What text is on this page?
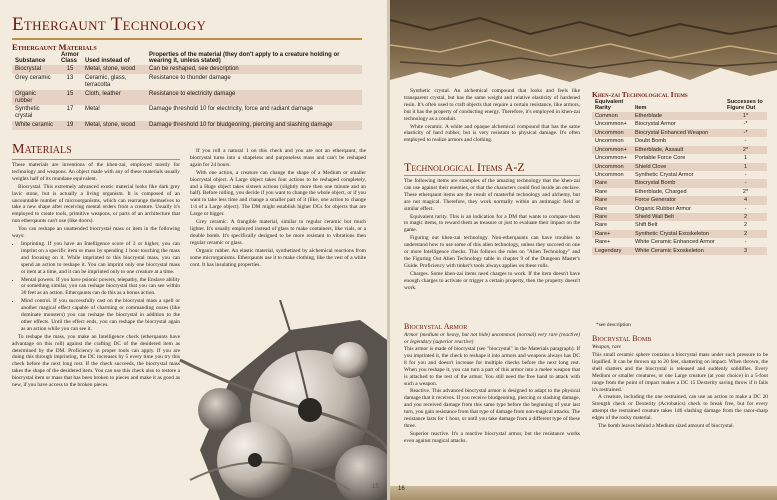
Ethergaunt Technology
Ethergaunt Materials
Substance	Armor Class	Used instead of	Properties of the material (they don't apply to a creature holding or wearing it, unless stated)
Biocrystal	15	Metal, stone, wood	Can be reshaped, see description
Grey ceramic	13	Ceramic, glass, terracotta	Resistance to thunder damage
Organic rubber	15	Cloth, leather	Resistance to electricity damage
Synthetic crystal	17	Metal	Damage threshold 10 for electricity, force and radiant damage
White ceramic	19	Metal, stone, wood	Damage threshold 10 for bludgeoning, piercing and slashing damage
Materials

These materials are inventions of the khen-zai, employed mostly for technology and weapons. An object made with any of these materials usually weights half of its mundane equivalent.

Biocrystal. This extremely advanced exotic material looks like dark grey lavic stone, but is actually a living organism. It is composed of an uncountable number of microorganisms, which can rearrange themselves to take a new shape after receiving mental orders from a creature. Usually it's employed to create tools, primitive weapons, or parts of an architecture that non etherqaunts can't use (like doors).

You can reshape an unattended biocrystal mass or item in the following ways:

• Imprinting. If you have an Intelligence score of 3 or higher, you can imprint on a specific item or mass by spending 1 hour touching the mass and focusing on it. While imprinted to this biocrystal mass, you can spend an action to reshape it. You can imprint only one biocrystal mass or item at a time, and it can be imprinted only to one creature at a time.
• Mental powers. If you have psionic powers, telepathy, the Enslave ability or something similar, you can reshape biocrystal that you can see within 30 feet as an action. Etherqaunts can do this as a bonus action.
• Mind control. If you successfully cast on the biocrystal mass a spell or another magical effect capable of charming or commanding oozes (like dominate monsters) you can reshape the biocrystal in addition to the other effects. Until the effect ends, you can reshape the biocrystal again as an action while you can see it.

To reshape the mass, you make an Intelligence check (etherqaunts have advantage on this roll) against the crafting DC of the desidered item as determined by the DM. Proficiency in proper tools can apply. If you are doing this through imprinting, the DC increases by 5 every time you try this check before the next long rest. If the check succeeds, the biocrystal mass takes the shape of the desidered item. You can use this check also to restore a biocrystal item or mass that has been broken to pieces and make it as good as new, if you have access to the broken pieces.

If you roll a natural 1 on this check and you are not an etherqaunt, the biocrystal turns into a shapeless and purposeless mass and can't be reshaped again for 24 hours.

With one action, a creature can change the shape of a Medium or smaller biocrystal object. A Large object takes four actions to be reshaped completely, and a Huge object takes sixteen actions (slightly more then one minute and an half). Before rolling, you decide if you want to change the whole object, or if you want to take less time and change a smaller part of it (like, one action to change 1/4 of a Large object). The DM might establish higher DCs for objects that are Large or bigger.

Grey ceramic. A frangible material, similar to regular ceramic but much lighter. It's usually employed instead of glass to make containers, like vials, or a double bomb. It's specifically designed to be more resistant to vibrations then regular ceramic or glass.

Organic rubber. An elastic material, synthetized by alchemical reactions from some microrganisms. Etherqaunts use it to make clothing, like the vest of a white cont. It has insulating properties.

15

Synthetic crystal. An alchemical compound that looks and feels like transparent crystal, but has the same weight and relative elasticity of hardened resin. It's often used to craft objects that require a certain resistance, like armors, but it has the property of conducting energy. Therefore, it's employed in khen-zai technology as a conduit.

White ceramic. A white and opaque alchemical compound that has the same elasticity of hard rubber, but is very resistant to physical damage. It's often employed to realize armors and clothing.

Technological Items A-Z

The following items are examples of the amazing technology that the khen-zai can use against their enemies, or that the characters could find inside an enclave. These etherqaunt items are the result of masterful technology and alchemy, but are not magical. Therefore, they work normally within an antimagic field or similar effect.

Equivalent rarity. This is an indication for a DM that wants to compare them to magic items, to reward them as treasure or just to evaluate their impact on the game.

Figuring out khen-zai technology. Non-etherqaunts can have troubles to understand how to use some of this alien technology, unless they succeed on one or more Intelligence checks. This follows the rules on "Alien Technology" and the Figuring Out Alien Technology table in chapter 9 of the Dungeon Master's Guide. Proficiency with tinker's tools always applies on these rolls.

Charges. Some khen-zai items need charges to work. If the item doesn't have enough charges to activate or trigger a certain property, then the property doesn't work.

Biocrystal Armor
Armor (medium or heavy, but not hide) uncommon (normal) very rare (reactive) or legendary (superior reactive)

This armor is made of biocrystal (see "biocrystal" in the Materials paragraph). If you imprinted it, the check to reshape it into armors and weapons always has DC 8 for you and doesn't increase for multiple checks before the next long rest. When you reshape it, you can turn a part of this armor into a melee weapon that is attached to the rest of the armor. You still need the free hand to attack with such a weapon.

Reactive. This advanced biocrystal armor is designed to adapt to the physical damage that it receives. If you receive bludgeoning, piercing or slashing damage, and you received damage from this same type before the beginning of your last turn, you gain resistance from that type of damage from non-magical attacks. The resistance lasts for 1 hour, or until you take damage from a different type of these three.

Superior reactive. It's a reactive biocrystal armor, but the resistance works even against magical attacks.

Khen-zai Technological Items
Equivalent Rarity	Item	Successes to Figure Out
Common	Etherblade	1*
Uncommon+	Biocrystal Armor	-*
Uncommon	Biocrystal Enhanced Weapon	-*
Uncommon	Doubt Bomb	-
Uncommon+	Etherblade, Assault	2*
Uncommon+	Portable Force Core	1
Uncommon	Shield Clove	1
Uncommon	Synthetic Crystal Armor	-
Rare	Biocrystal Bomb	-
Rare	Etherblade, Charged	2*
Rare	Force Generator	4
Rare	Organic Rubber Armor	-
Rare	Shield Wall Belt	2
Rare	Shift Belt	2
Rare+	Synthetic Crystal Exoskeleton	2
Rare+	White Ceramic Enhanced Armor	-
Legendary	White Ceramic Exoskeleton	3
*see description
Biocrystal Bomb
Weapon, rare

This small ceramic sphere contains a biocrystal mass under such pressure to be liquified. It can be thrown up to 20 feet, shattering on impact. When thrown, the shell shatters and the biocrystal is released and suddenly solidifies. Every Medium or smaller creatures, or one Large creature (at your choice) in a 5-foot range from the point of impact makes a DC 15 Dexterity saving throw if it fails it's restrained.

A creature, including the one restrained, can use an action to make a DC 20 Strength check or Dexterity (Acrobatics) check to break free, but for every attempt the restrained creature takes 1d6 slashing damage from the razor-sharp edges of the rocky material.

The bomb leaves behind a Medium sized amount of biocrystal.

16
